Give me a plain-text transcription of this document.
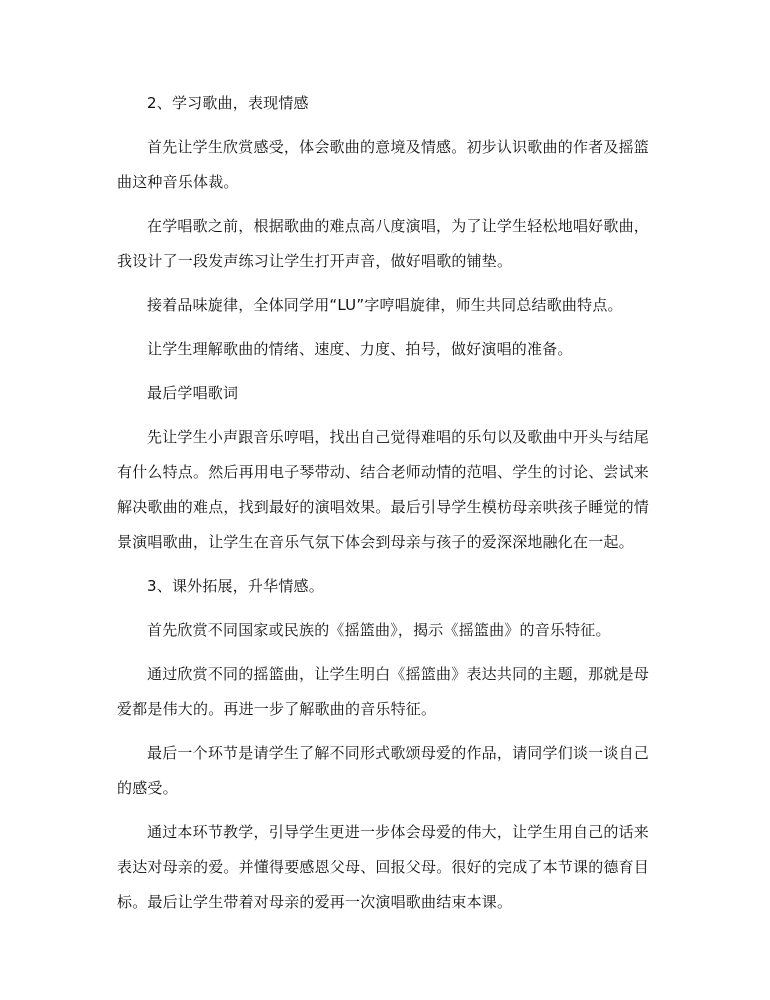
2、学习歌曲，表现情感

首先让学生欣赏感受，体会歌曲的意境及情感。初步认识歌曲的作者及摇篮曲这种音乐体裁。

在学唱歌之前，根据歌曲的难点高八度演唱，为了让学生轻松地唱好歌曲，我设计了一段发声练习让学生打开声音，做好唱歌的铺垫。

接着品味旋律，全体同学用“LU”字哼唱旋律，师生共同总结歌曲特点。

让学生理解歌曲的情绪、速度、力度、拍号，做好演唱的准备。

最后学唱歌词

先让学生小声跟音乐哼唱，找出自己觉得难唱的乐句以及歌曲中开头与结尾有什么特点。然后再用电子琴带动、结合老师动情的范唱、学生的讨论、尝试来解决歌曲的难点，找到最好的演唱效果。最后引导学生模枋母亲哄孩子睡觉的情景演唱歌曲，让学生在音乐气氛下体会到母亲与孩子的爱深深地融化在一起。

3、课外拓展，升华情感。

首先欣赏不同国家或民族的《摇篮曲》，揭示《摇篮曲》的音乐特征。

通过欣赏不同的摇篮曲，让学生明白《摇篮曲》表达共同的主题，那就是母爱都是伟大的。再进一步了解歌曲的音乐特征。

最后一个环节是请学生了解不同形式歌颂母爱的作品，请同学们谈一谈自己的感受。

通过本环节教学，引导学生更进一步体会母爱的伟大，让学生用自己的话来表达对母亲的爱。并懂得要感恩父母、回报父母。很好的完成了本节课的德育目标。最后让学生带着对母亲的爱再一次演唱歌曲结束本课。
